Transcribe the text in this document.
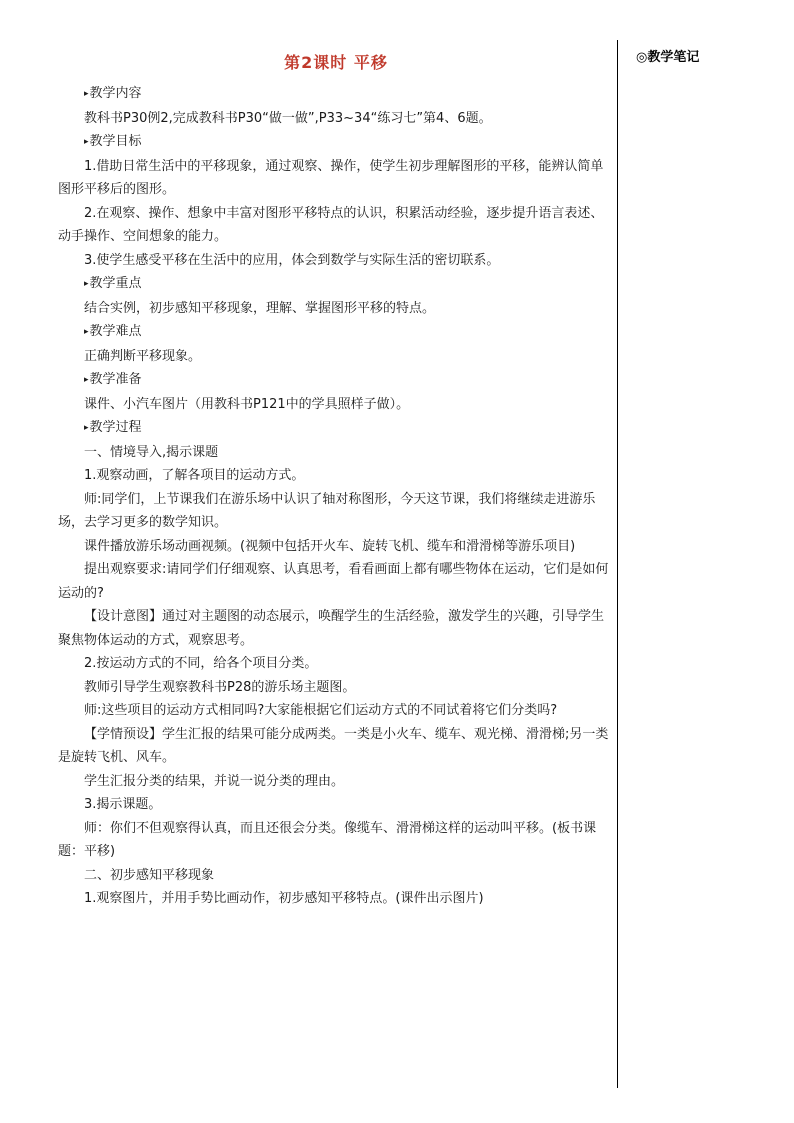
第2课时 平移	◎教学笔记

▸ 教学内容

教科书P30例2,完成教科书P30“做一做”,P33~34“练习七”第4、6题。

▸ 教学目标

1.借助日常生活中的平移现象，通过观察、操作，使学生初步理解图形的平移，能辨认简单图形平移后的图形。

2.在观察、操作、想象中丰富对图形平移特点的认识，积累活动经验，逐步提升语言表述、动手操作、空间想象的能力。

3.使学生感受平移在生活中的应用，体会到数学与实际生活的密切联系。

▸ 教学重点

结合实例，初步感知平移现象，理解、掌握图形平移的特点。

▸ 教学难点

正确判断平移现象。

▸ 教学准备

课件、小汽车图片（用教科书P121中的学具照样子做）。

▸ 教学过程

一、情境导入,揭示课题

1.观察动画，了解各项目的运动方式。

师:同学们，上节课我们在游乐场中认识了轴对称图形，今天这节课，我们将继续走进游乐场，去学习更多的数学知识。

课件播放游乐场动画视频。(视频中包括开火车、旋转飞机、缆车和滑滑梯等游乐项目)

提出观察要求:请同学们仔细观察、认真思考，看看画面上都有哪些物体在运动，它们是如何运动的?

【设计意图】通过对主题图的动态展示，唤醒学生的生活经验，激发学生的兴趣，引导学生聚焦物体运动的方式，观察思考。

2.按运动方式的不同，给各个项目分类。

教师引导学生观察教科书P28的游乐场主题图。

师:这些项目的运动方式相同吗?大家能根据它们运动方式的不同试着将它们分类吗?

【学情预设】学生汇报的结果可能分成两类。一类是小火车、缆车、观光梯、滑滑梯;另一类是旋转飞机、风车。

学生汇报分类的结果，并说一说分类的理由。

3.揭示课题。

师：你们不但观察得认真，而且还很会分类。像缆车、滑滑梯这样的运动叫平移。(板书课题：平移)

二、初步感知平移现象

1.观察图片，并用手势比画动作，初步感知平移特点。(课件出示图片)
